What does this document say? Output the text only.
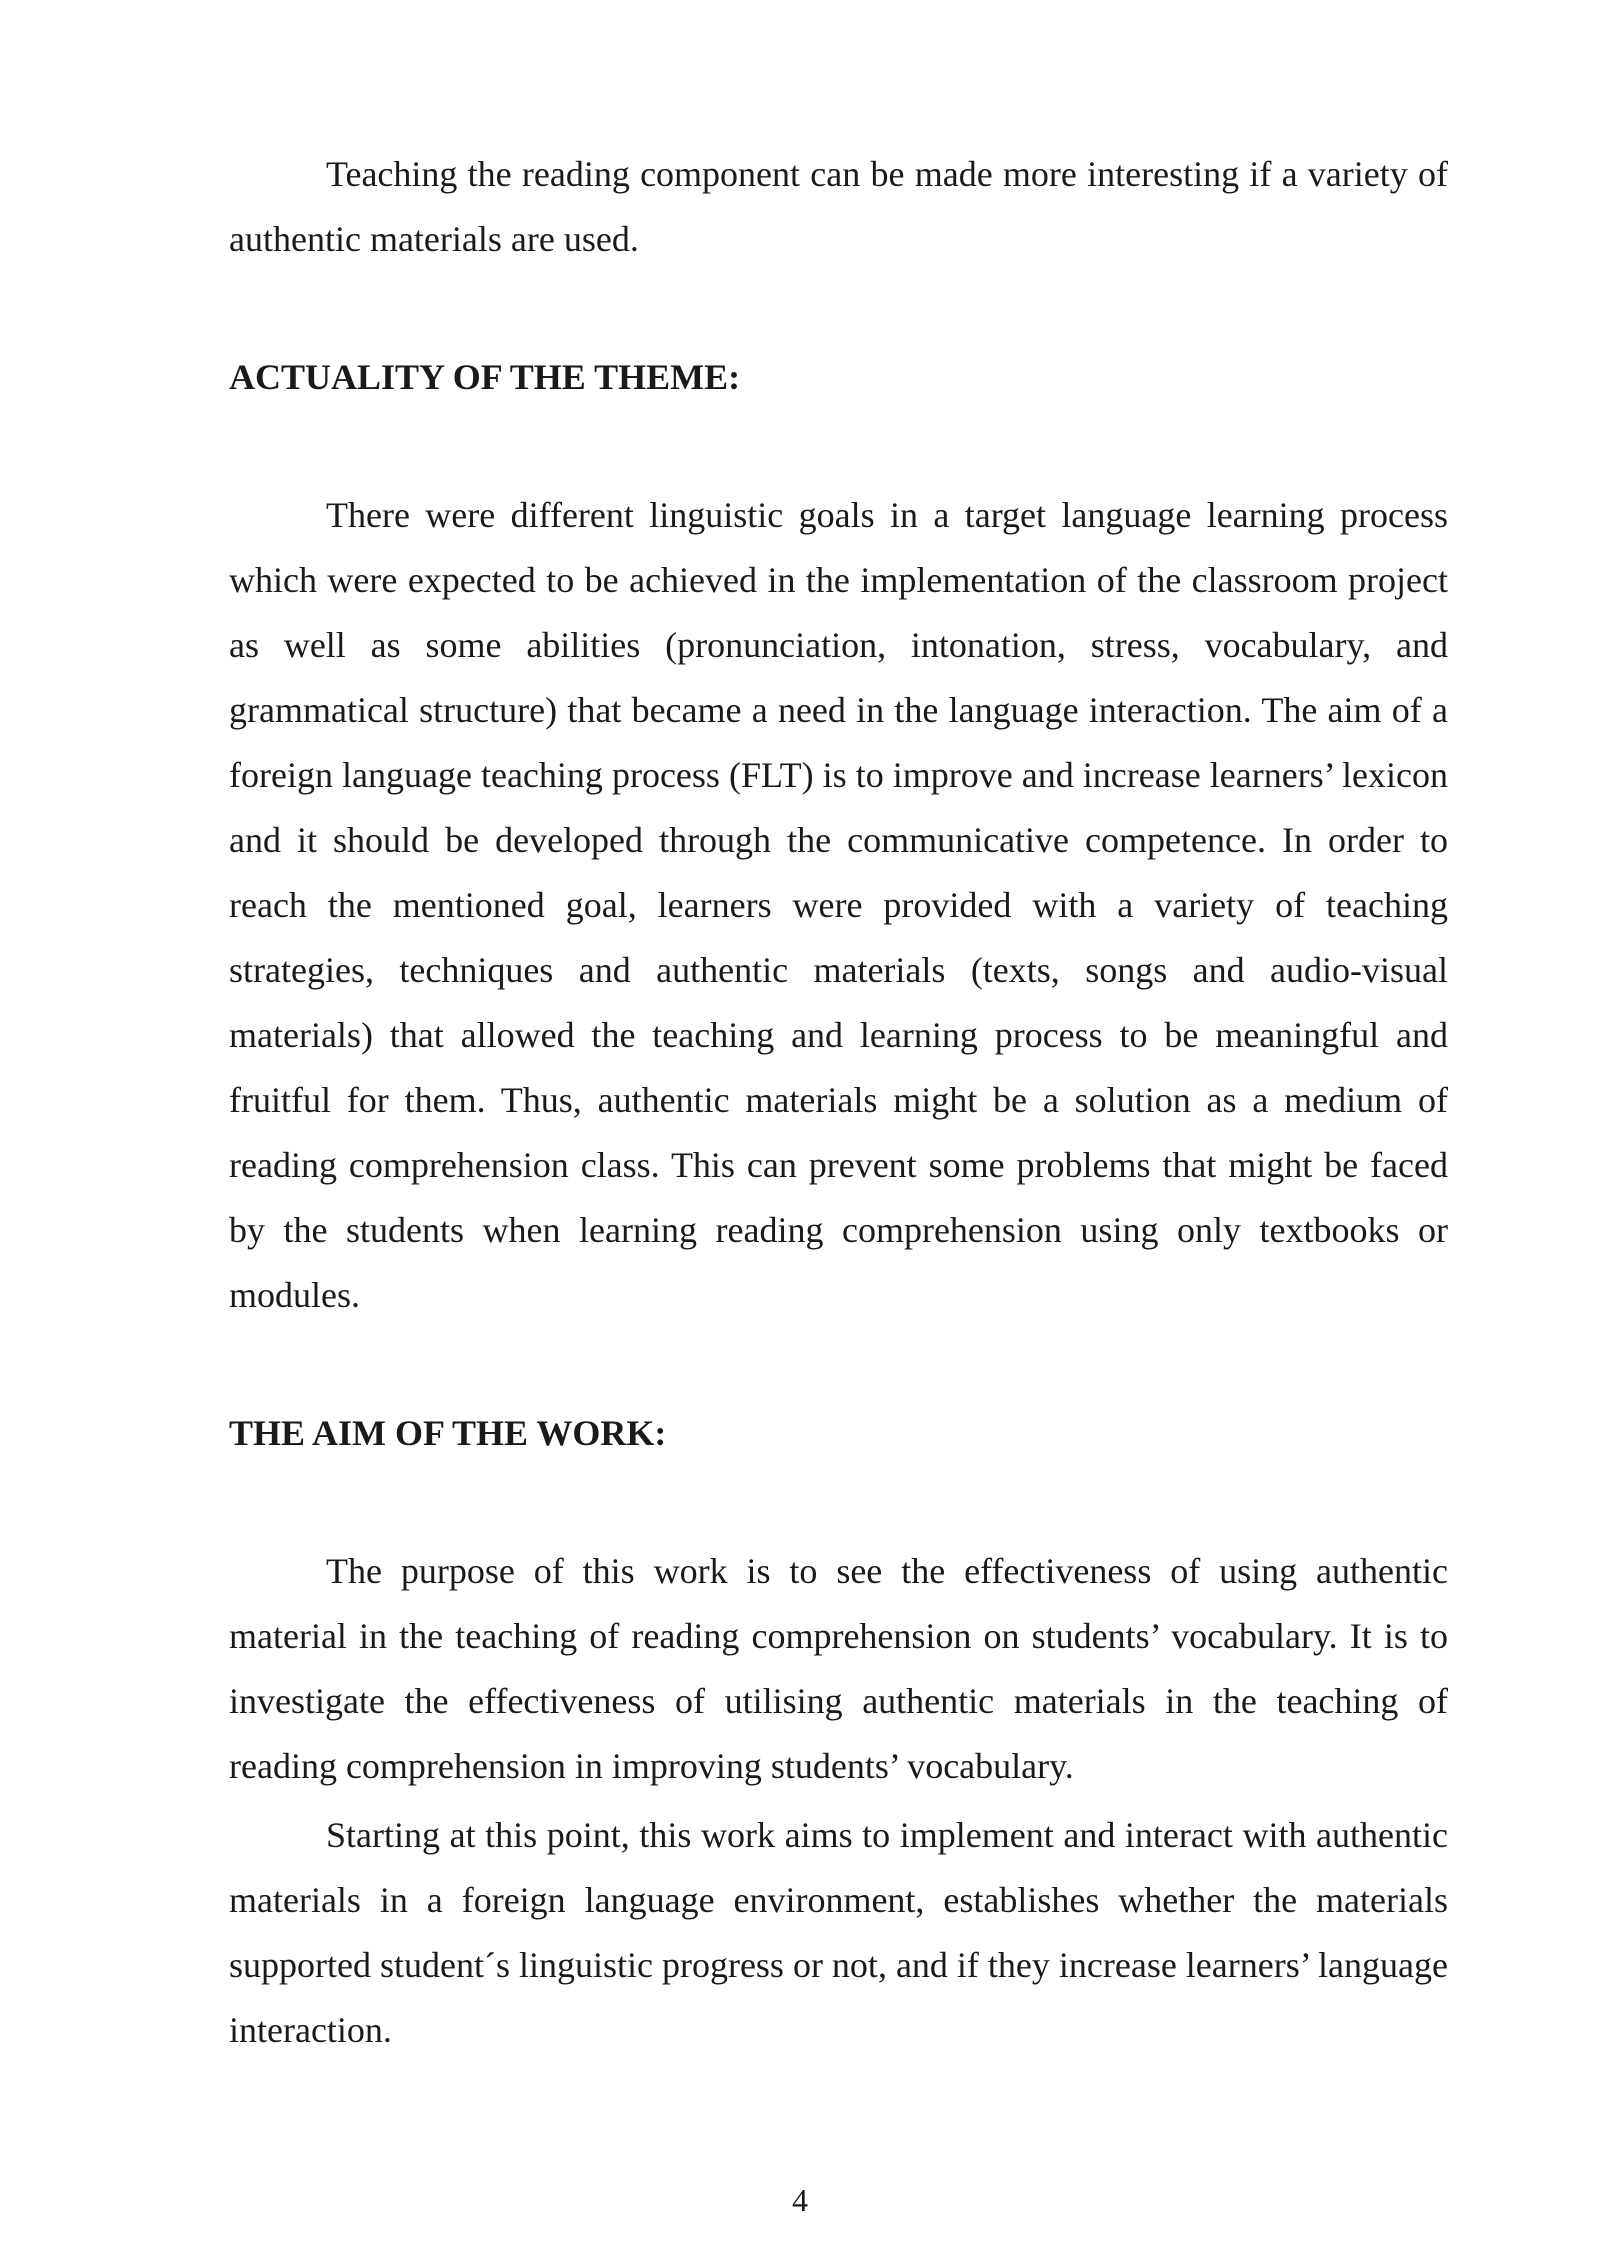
Teaching the reading component can be made more interesting if a variety of authentic materials are used.

ACTUALITY OF THE THEME:

There were different linguistic goals in a target language learning process which were expected to be achieved in the implementation of the classroom project as well as some abilities (pronunciation, intonation, stress, vocabulary, and grammatical structure) that became a need in the language interaction. The aim of a foreign language teaching process (FLT) is to improve and increase learners’ lexicon and it should be developed through the communicative competence. In order to reach the mentioned goal, learners were provided with a variety of teaching strategies, techniques and authentic materials (texts, songs and audio-visual materials) that allowed the teaching and learning process to be meaningful and fruitful for them. Thus, authentic materials might be a solution as a medium of reading comprehension class. This can prevent some problems that might be faced by the students when learning reading comprehension using only textbooks or modules.

THE AIM OF THE WORK:

The purpose of this work is to see the effectiveness of using authentic material in the teaching of reading comprehension on students’ vocabulary. It is to investigate the effectiveness of utilising authentic materials in the teaching of reading comprehension in improving students’ vocabulary.

Starting at this point, this work aims to implement and interact with authentic materials in a foreign language environment, establishes whether the materials supported student´s linguistic progress or not, and if they increase learners’ language interaction.

4
